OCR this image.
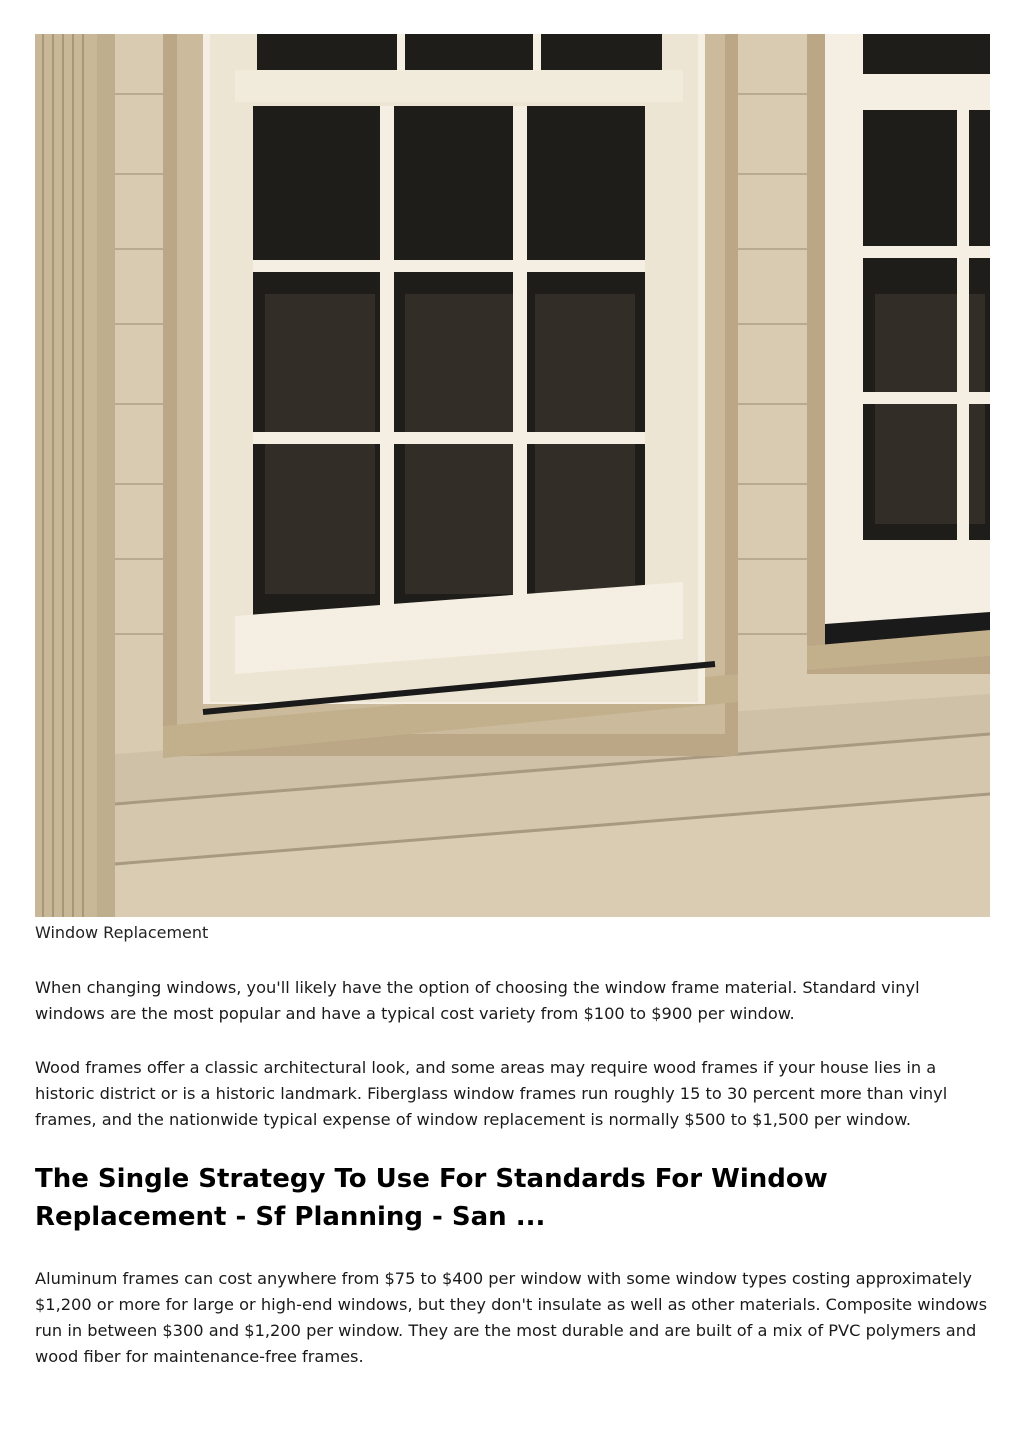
Window Replacement

When changing windows, you'll likely have the option of choosing the window frame material. Standard vinyl windows are the most popular and have a typical cost variety from $100 to $900 per window.

Wood frames offer a classic architectural look, and some areas may require wood frames if your house lies in a historic district or is a historic landmark. Fiberglass window frames run roughly 15 to 30 percent more than vinyl frames, and the nationwide typical expense of window replacement is normally $500 to $1,500 per window.

The Single Strategy To Use For Standards For Window Replacement - Sf Planning - San ...

Aluminum frames can cost anywhere from $75 to $400 per window with some window types costing approximately $1,200 or more for large or high-end windows, but they don't insulate as well as other materials. Composite windows run in between $300 and $1,200 per window. They are the most durable and are built of a mix of PVC polymers and wood fiber for maintenance-free frames.
